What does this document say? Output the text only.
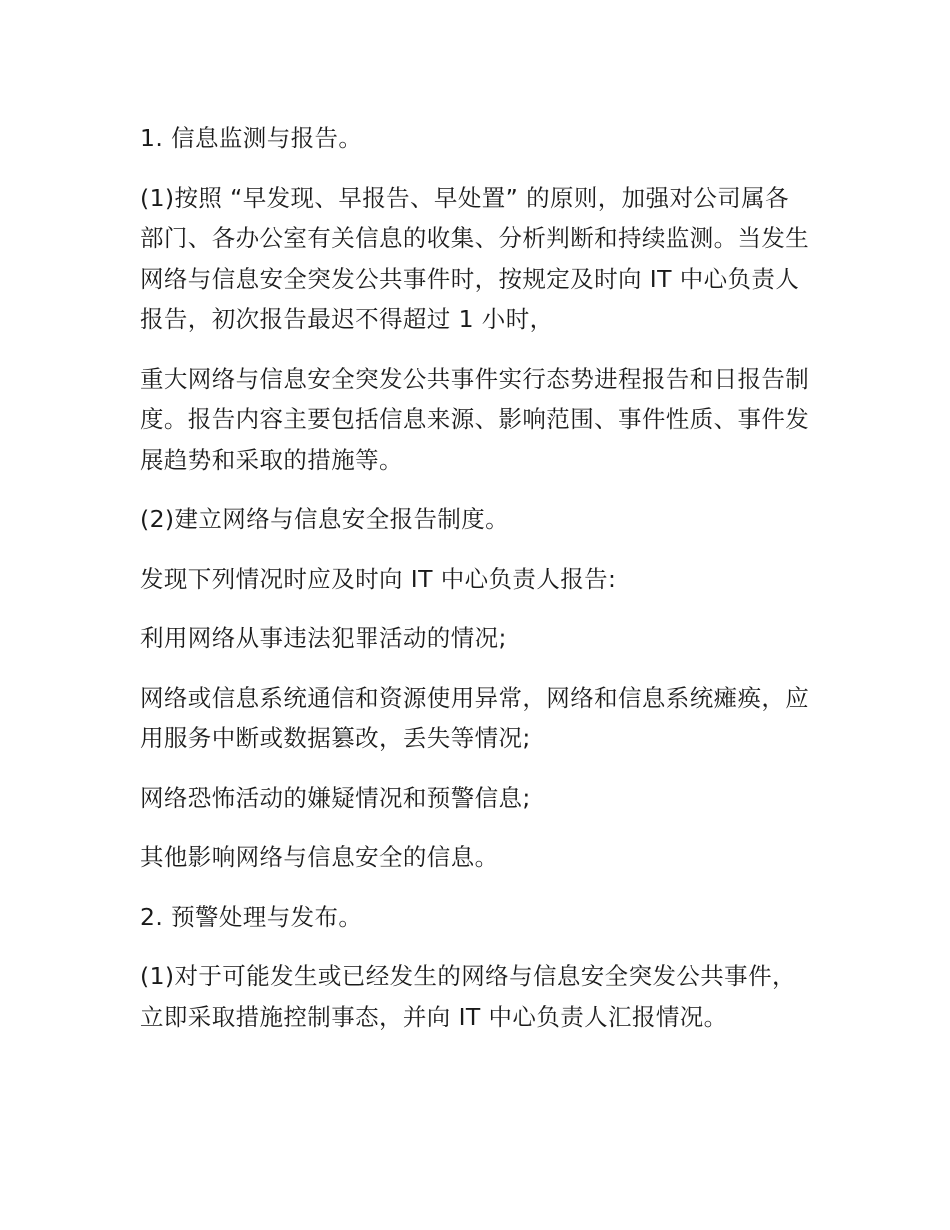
1. 信息监测与报告。

(1)按照 “早发现、早报告、早处置” 的原则，加强对公司属各部门、各办公室有关信息的收集、分析判断和持续监测。当发生网络与信息安全突发公共事件时，按规定及时向 IT 中心负责人报告，初次报告最迟不得超过 1 小时，

重大网络与信息安全突发公共事件实行态势进程报告和日报告制度。报告内容主要包括信息来源、影响范围、事件性质、事件发展趋势和采取的措施等。

(2)建立网络与信息安全报告制度。

发现下列情况时应及时向 IT 中心负责人报告:

利用网络从事违法犯罪活动的情况;

网络或信息系统通信和资源使用异常，网络和信息系统瘫痪，应用服务中断或数据篡改，丢失等情况;

网络恐怖活动的嫌疑情况和预警信息;

其他影响网络与信息安全的信息。

2. 预警处理与发布。

(1)对于可能发生或已经发生的网络与信息安全突发公共事件，立即采取措施控制事态，并向 IT 中心负责人汇报情况。
